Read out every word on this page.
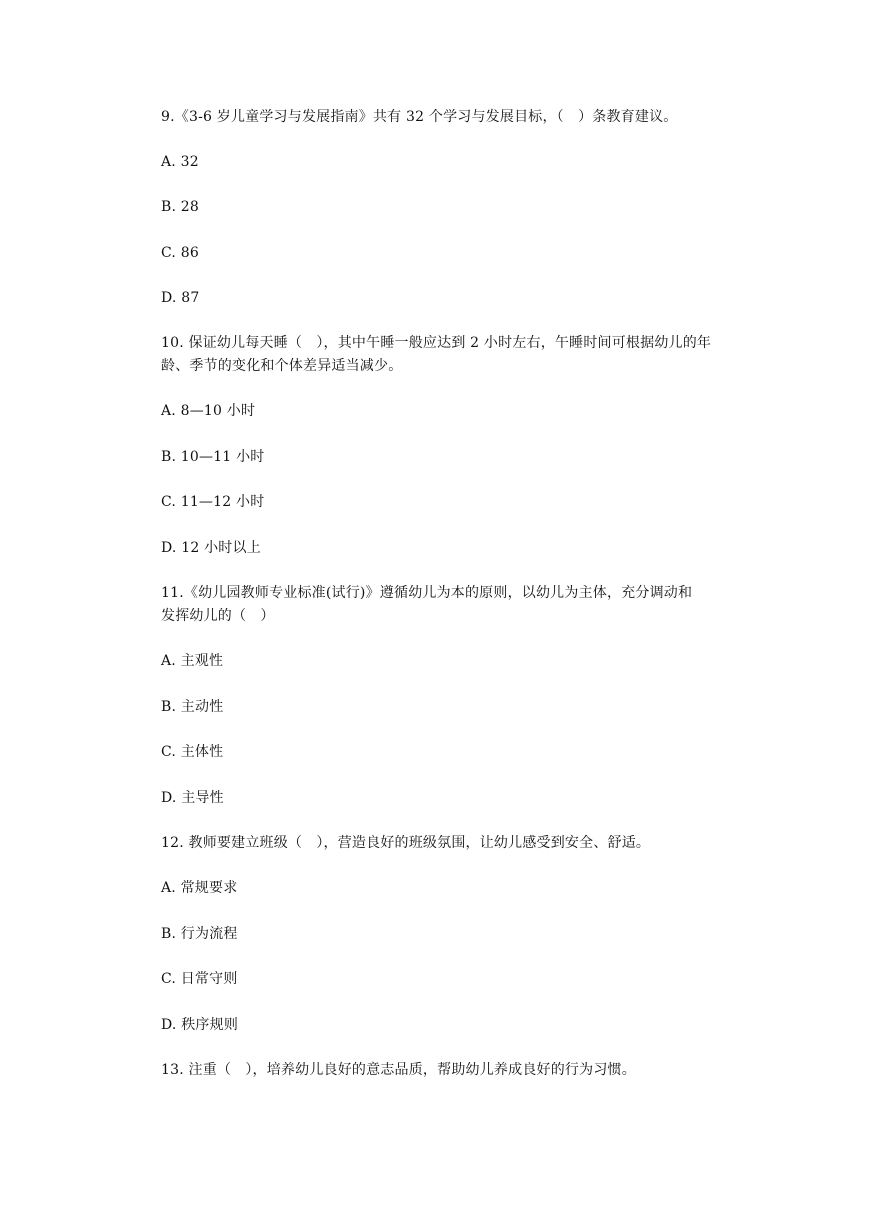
9.《3-6 岁儿童学习与发展指南》共有 32 个学习与发展目标，（　）条教育建议。
A. 32
B. 28
C. 86
D. 87
10. 保证幼儿每天睡（　），其中午睡一般应达到 2 小时左右，午睡时间可根据幼儿的年
龄、季节的变化和个体差异适当减少。
A. 8—10 小时
B. 10—11 小时
C. 11—12 小时
D. 12 小时以上
11.《幼儿园教师专业标准(试行)》遵循幼儿为本的原则，以幼儿为主体，充分调动和
发挥幼儿的（　）
A. 主观性
B. 主动性
C. 主体性
D. 主导性
12. 教师要建立班级（　），营造良好的班级氛围，让幼儿感受到安全、舒适。
A. 常规要求
B. 行为流程
C. 日常守则
D. 秩序规则
13. 注重（　），培养幼儿良好的意志品质，帮助幼儿养成良好的行为习惯。
